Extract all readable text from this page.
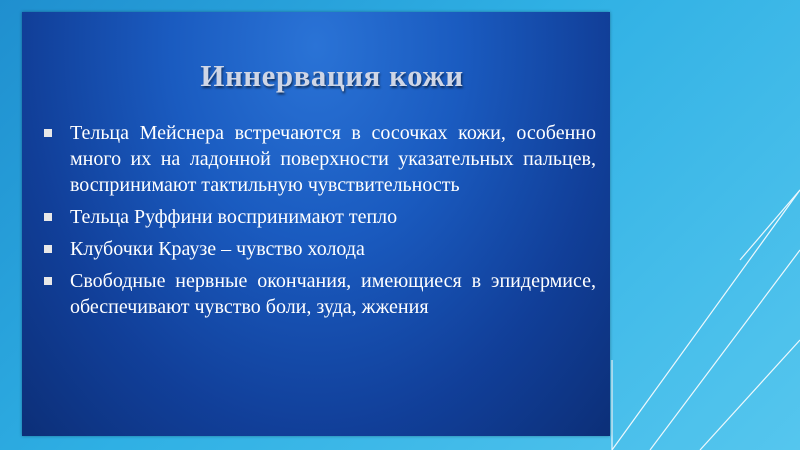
Иннервация кожи
Тельца Мейснера встречаются в сосочках кожи, особенно много их на ладонной поверхности указательных пальцев, воспринимают тактильную чувствительность
Тельца Руффини воспринимают тепло
Клубочки Краузе – чувство холода
Свободные нервные окончания, имеющиеся в эпидермисе, обеспечивают чувство боли, зуда, жжения
